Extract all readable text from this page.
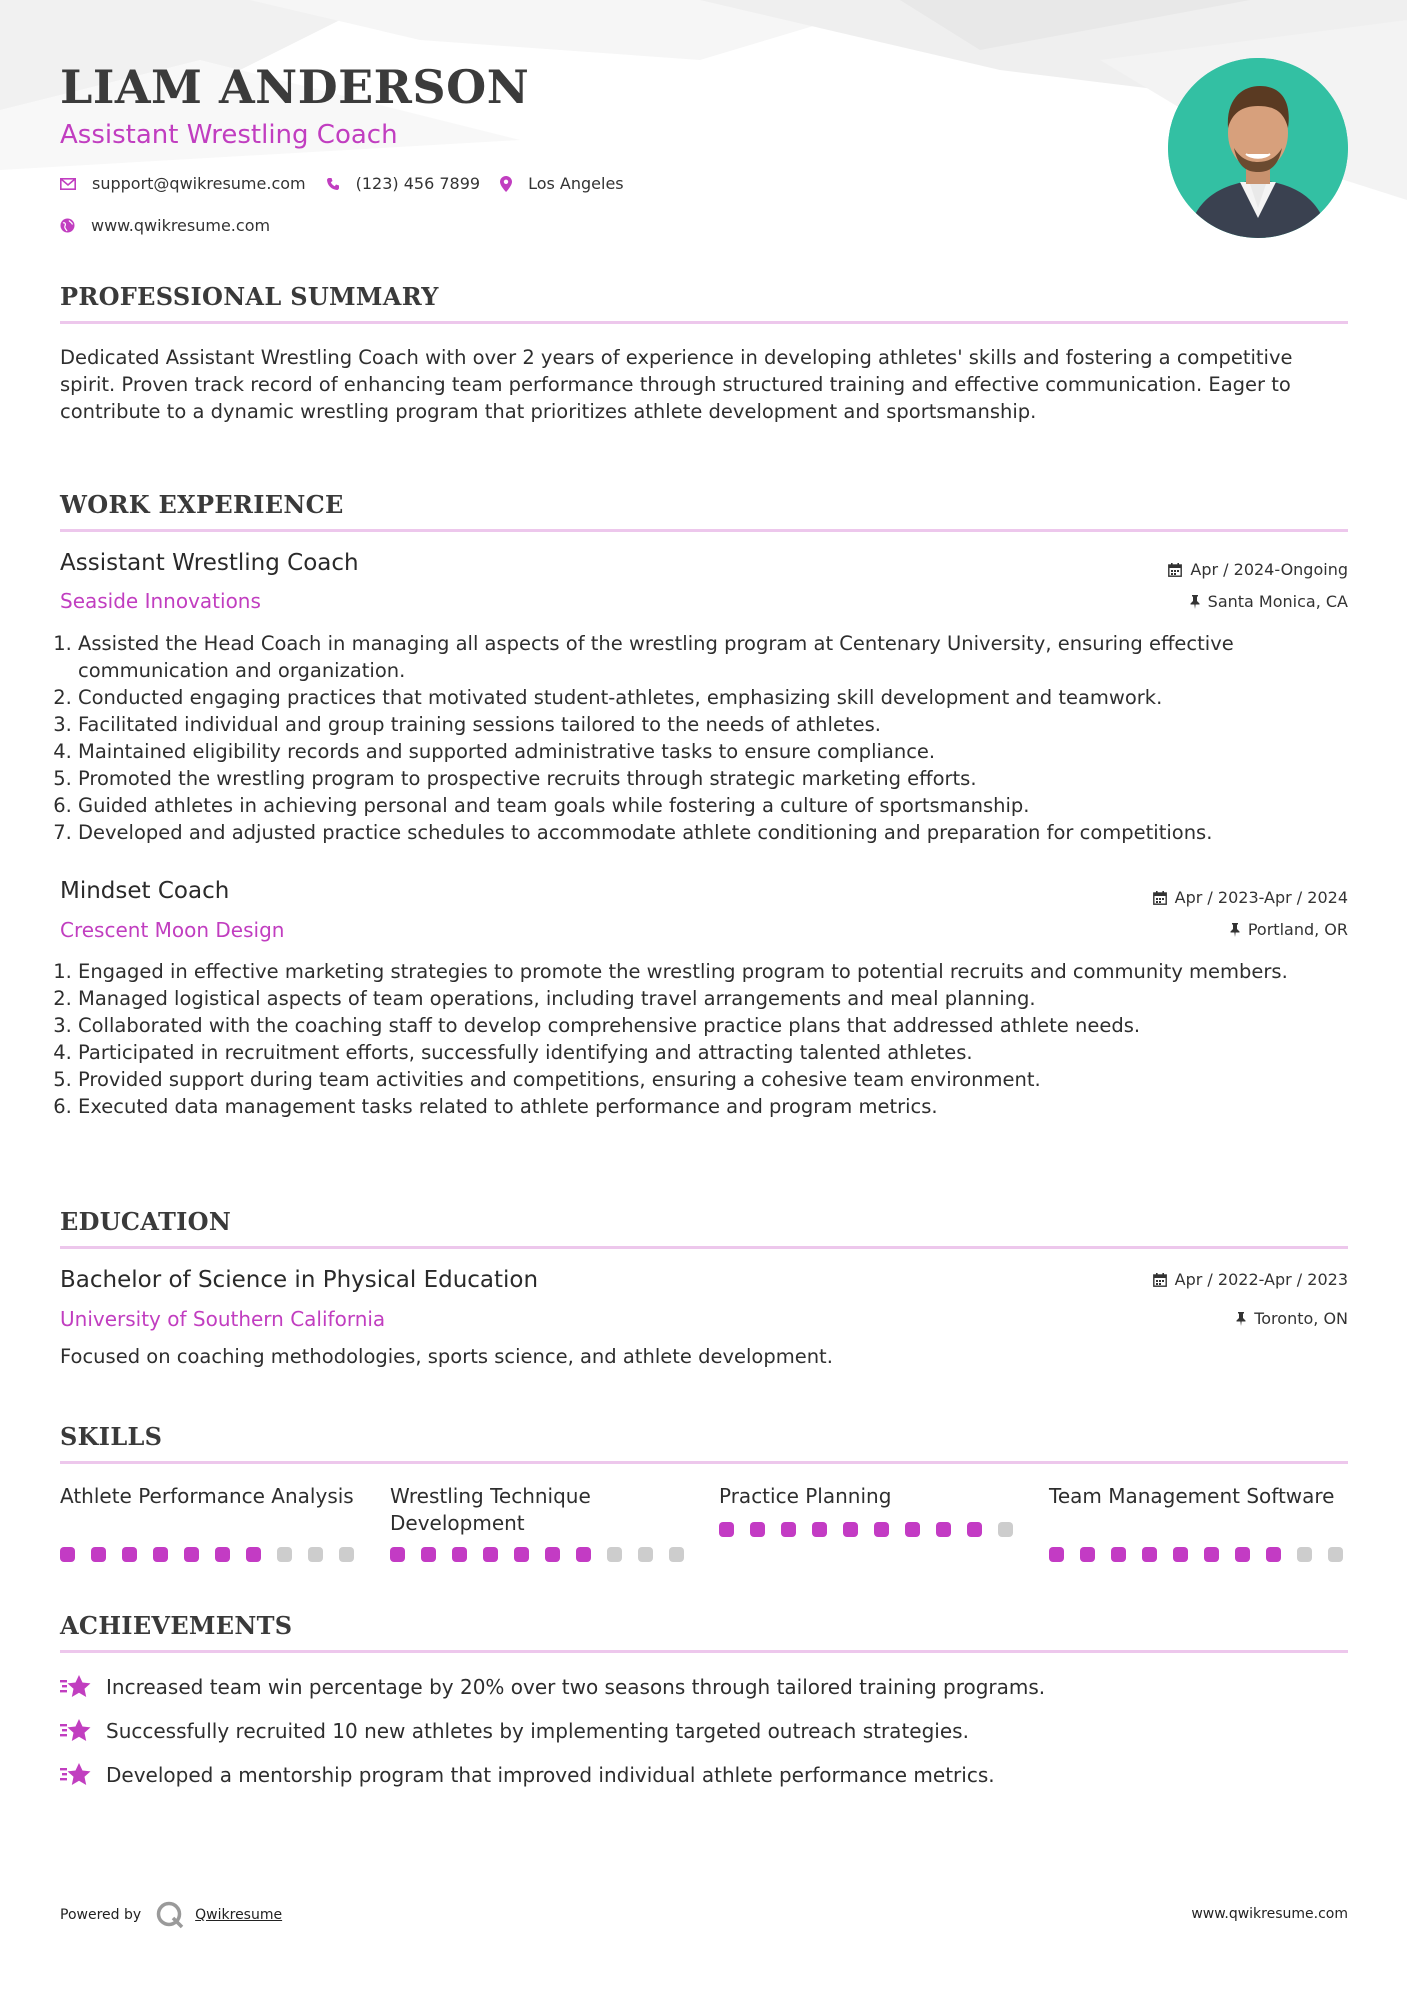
LIAM ANDERSON
Assistant Wrestling Coach
support@qwikresume.com	(123) 456 7899	Los Angeles
www.qwikresume.com
PROFESSIONAL SUMMARY

Dedicated Assistant Wrestling Coach with over 2 years of experience in developing athletes' skills and fostering a competitive spirit. Proven track record of enhancing team performance through structured training and effective communication. Eager to contribute to a dynamic wrestling program that prioritizes athlete development and sportsmanship.

WORK EXPERIENCE
Assistant Wrestling Coach
Seaside Innovations
Apr / 2024-Ongoing
Santa Monica, CA
1. Assisted the Head Coach in managing all aspects of the wrestling program at Centenary University, ensuring effective communication and organization.
2. Conducted engaging practices that motivated student-athletes, emphasizing skill development and teamwork.
3. Facilitated individual and group training sessions tailored to the needs of athletes.
4. Maintained eligibility records and supported administrative tasks to ensure compliance.
5. Promoted the wrestling program to prospective recruits through strategic marketing efforts.
6. Guided athletes in achieving personal and team goals while fostering a culture of sportsmanship.
7. Developed and adjusted practice schedules to accommodate athlete conditioning and preparation for competitions.
Mindset Coach
Crescent Moon Design
Apr / 2023-Apr / 2024
Portland, OR
1. Engaged in effective marketing strategies to promote the wrestling program to potential recruits and community members.
2. Managed logistical aspects of team operations, including travel arrangements and meal planning.
3. Collaborated with the coaching staff to develop comprehensive practice plans that addressed athlete needs.
4. Participated in recruitment efforts, successfully identifying and attracting talented athletes.
5. Provided support during team activities and competitions, ensuring a cohesive team environment.
6. Executed data management tasks related to athlete performance and program metrics.
EDUCATION
Bachelor of Science in Physical Education
University of Southern California
Apr / 2022-Apr / 2023
Toronto, ON

Focused on coaching methodologies, sports science, and athlete development.

SKILLS
Athlete Performance Analysis	Wrestling Technique Development
Practice Planning	Team Management Software
ACHIEVEMENTS
Increased team win percentage by 20% over two seasons through tailored training programs.
Successfully recruited 10 new athletes by implementing targeted outreach strategies.
Developed a mentorship program that improved individual athlete performance metrics.
Powered by	Qwikresume	www.qwikresume.com
